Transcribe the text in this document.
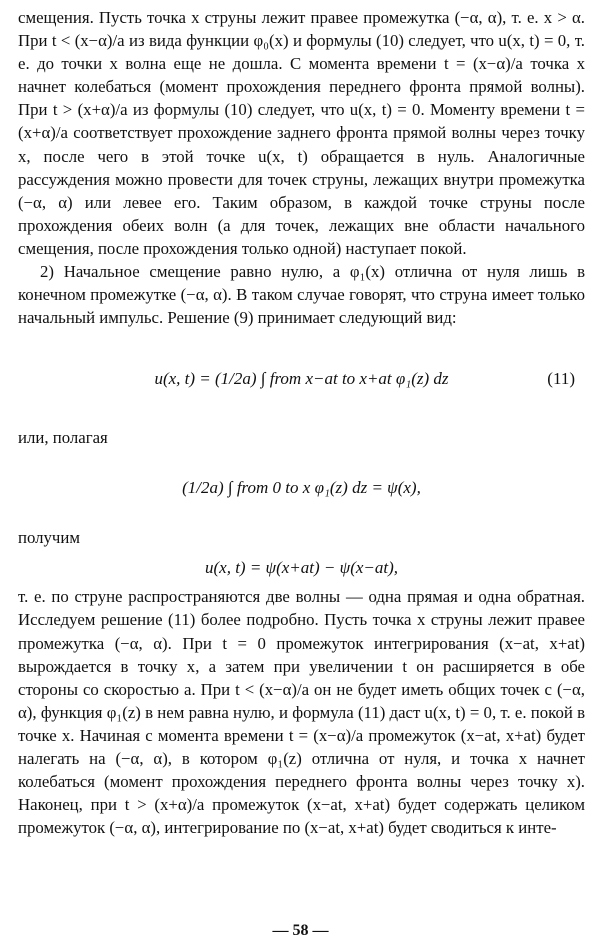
смещения. Пусть точка x струны лежит правее промежутка (−α, α), т. е. x > α. При t < (x−α)/a из вида функции φ₀(x) и формулы (10) следует, что u(x, t) = 0, т. е. до точки x волна еще не дошла. С момента времени t = (x−α)/a точка x начнет колебаться (момент прохождения переднего фронта прямой волны). При t > (x+α)/a из формулы (10) следует, что u(x, t) = 0. Моменту времени t = (x+α)/a соответствует прохождение заднего фронта прямой волны через точку x, после чего в этой точке u(x, t) обращается в нуль. Аналогичные рассуждения можно провести для точек струны, лежащих внутри промежутка (−α, α) или левее его. Таким образом, в каждой точке струны после прохождения обеих волн (а для точек, лежащих вне области начального смещения, после прохождения только одной) наступает покой.

2) Начальное смещение равно нулю, а φ₁(x) отлична от нуля лишь в конечном промежутке (−α, α). В таком случае говорят, что струна имеет только начальный импульс. Решение (9) принимает следующий вид:

u(x, t) = (1/2a) ∫ from x−at to x+at φ₁(z) dz	(11)
или, полагая
(1/2a) ∫ from 0 to x φ₁(z) dz = ψ(x),
получим
u(x, t) = ψ(x+at) − ψ(x−at),

т. е. по струне распространяются две волны — одна прямая и одна обратная. Исследуем решение (11) более подробно. Пусть точка x струны лежит правее промежутка (−α, α). При t = 0 промежуток интегрирования (x−at, x+at) вырождается в точку x, а затем при увеличении t он расширяется в обе стороны со скоростью a. При t < (x−α)/a он не будет иметь общих точек с (−α, α), функция φ₁(z) в нем равна нулю, и формула (11) даст u(x, t) = 0, т. е. покой в точке x. Начиная с момента времени t = (x−α)/a промежуток (x−at, x+at) будет налегать на (−α, α), в котором φ₁(z) отлична от нуля, и точка x начнет колебаться (момент прохождения переднего фронта волны через точку x). Наконец, при t > (x+α)/a промежуток (x−at, x+at) будет содержать целиком промежуток (−α, α), интегрирование по (x−at, x+at) будет сводиться к инте-

— 58 —
